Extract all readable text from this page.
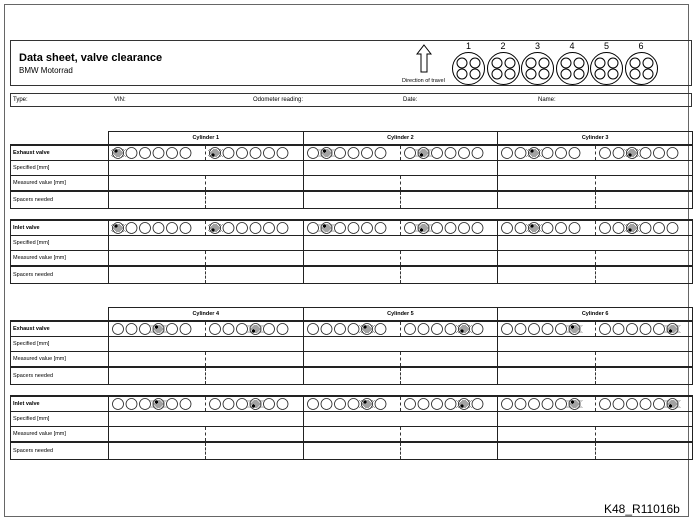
Data sheet, valve clearance
BMW Motorrad
Direction of travel
1	2	3	4	5	6
Type:	VIN:	Odometer reading:	Date:	Name:
	Cylinder 1		Cylinder 2		Cylinder 3	
Exhaust valve	

Specified [mm]						
Measured value [mm]						
Spacers needed						

Inlet valve	

Specified [mm]						
Measured value [mm]						
Spacers needed						
	Cylinder 4		Cylinder 5		Cylinder 6	
Exhaust valve	

Specified [mm]						
Measured value [mm]						
Spacers needed						

Inlet valve	

Specified [mm]						
Measured value [mm]						
Spacers needed						
K48_R11016b
